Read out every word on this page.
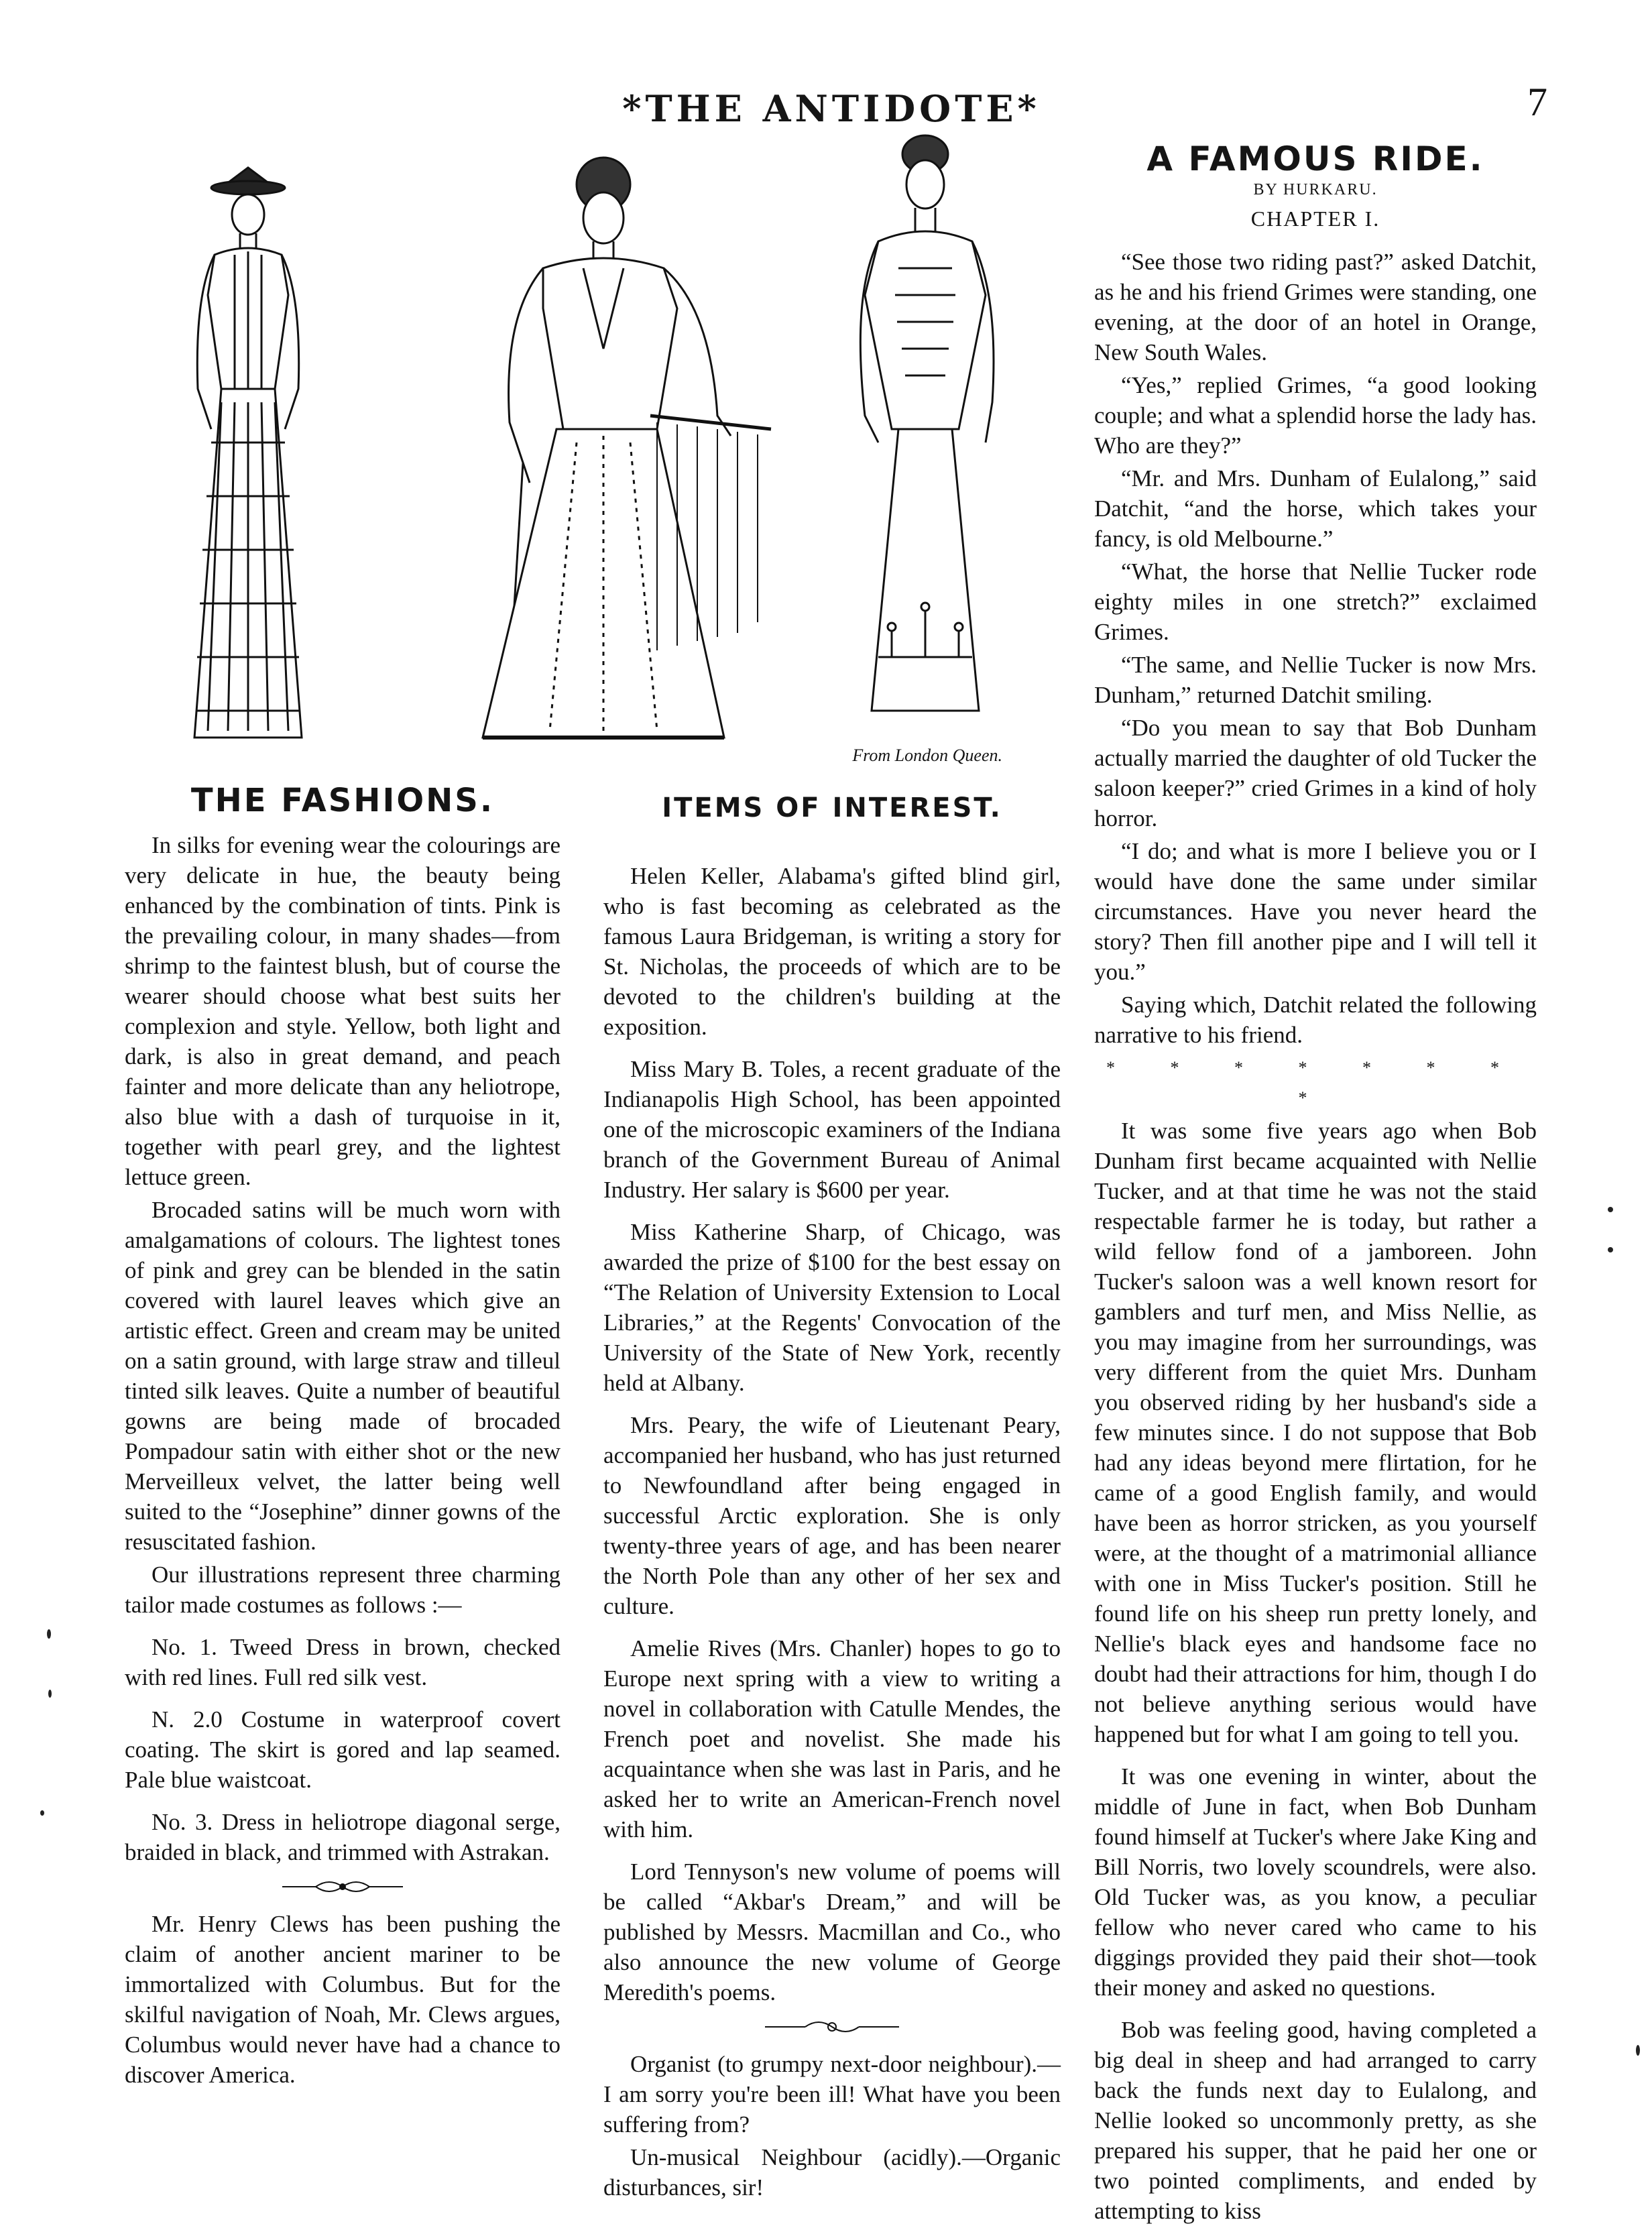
*THE ANTIDOTE*	7
From London Queen.
THE FASHIONS.

In silks for evening wear the colourings are very delicate in hue, the beauty being enhanced by the combination of tints. Pink is the prevailing colour, in many shades—from shrimp to the faintest blush, but of course the wearer should choose what best suits her complexion and style. Yellow, both light and dark, is also in great demand, and peach fainter and more delicate than any heliotrope, also blue with a dash of turquoise in it, together with pearl grey, and the lightest lettuce green.

Brocaded satins will be much worn with amalgamations of colours. The lightest tones of pink and grey can be blended in the satin covered with laurel leaves which give an artistic effect. Green and cream may be united on a satin ground, with large straw and tilleul tinted silk leaves. Quite a number of beautiful gowns are being made of brocaded Pompadour satin with either shot or the new Merveilleux velvet, the latter being well suited to the “Josephine” dinner gowns of the resuscitated fashion.

Our illustrations represent three charming tailor made costumes as follows :—

No. 1. Tweed Dress in brown, checked with red lines. Full red silk vest.

N. 2.0 Costume in waterproof covert coating. The skirt is gored and lap seamed. Pale blue waistcoat.

No. 3. Dress in heliotrope diagonal serge, braided in black, and trimmed with Astrakan.

Mr. Henry Clews has been pushing the claim of another ancient mariner to be immortalized with Columbus. But for the skilful navigation of Noah, Mr. Clews argues, Columbus would never have had a chance to discover America.

ITEMS OF INTEREST.

Helen Keller, Alabama's gifted blind girl, who is fast becoming as celebrated as the famous Laura Bridgeman, is writing a story for St. Nicholas, the proceeds of which are to be devoted to the children's building at the exposition.

Miss Mary B. Toles, a recent graduate of the Indianapolis High School, has been appointed one of the microscopic examiners of the Indiana branch of the Government Bureau of Animal Industry. Her salary is $600 per year.

Miss Katherine Sharp, of Chicago, was awarded the prize of $100 for the best essay on “The Relation of University Extension to Local Libraries,” at the Regents' Convocation of the University of the State of New York, recently held at Albany.

Mrs. Peary, the wife of Lieutenant Peary, accompanied her husband, who has just returned to Newfoundland after being engaged in successful Arctic exploration. She is only twenty-three years of age, and has been nearer the North Pole than any other of her sex and culture.

Amelie Rives (Mrs. Chanler) hopes to go to Europe next spring with a view to writing a novel in collaboration with Catulle Mendes, the French poet and novelist. She made his acquaintance when she was last in Paris, and he asked her to write an American-French novel with him.

Lord Tennyson's new volume of poems will be called “Akbar's Dream,” and will be published by Messrs. Macmillan and Co., who also announce the new volume of George Meredith's poems.

Organist (to grumpy next-door neighbour).—I am sorry you're been ill! What have you been suffering from?

Un-musical Neighbour (acidly).—Organic disturbances, sir!

A FAMOUS RIDE.
BY HURKARU.
CHAPTER I.

“See those two riding past?” asked Datchit, as he and his friend Grimes were standing, one evening, at the door of an hotel in Orange, New South Wales.

“Yes,” replied Grimes, “a good looking couple; and what a splendid horse the lady has. Who are they?”

“Mr. and Mrs. Dunham of Eulalong,” said Datchit, “and the horse, which takes your fancy, is old Melbourne.”

“What, the horse that Nellie Tucker rode eighty miles in one stretch?” exclaimed Grimes.

“The same, and Nellie Tucker is now Mrs. Dunham,” returned Datchit smiling.

“Do you mean to say that Bob Dunham actually married the daughter of old Tucker the saloon keeper?” cried Grimes in a kind of holy horror.

“I do; and what is more I believe you or I would have done the same under similar circumstances. Have you never heard the story? Then fill another pipe and I will tell it you.”

Saying which, Datchit related the following narrative to his friend.

* * * * * * * *

It was some five years ago when Bob Dunham first became acquainted with Nellie Tucker, and at that time he was not the staid respectable farmer he is today, but rather a wild fellow fond of a jamboreen. John Tucker's saloon was a well known resort for gamblers and turf men, and Miss Nellie, as you may imagine from her surroundings, was very different from the quiet Mrs. Dunham you observed riding by her husband's side a few minutes since. I do not suppose that Bob had any ideas beyond mere flirtation, for he came of a good English family, and would have been as horror stricken, as you yourself were, at the thought of a matrimonial alliance with one in Miss Tucker's position. Still he found life on his sheep run pretty lonely, and Nellie's black eyes and handsome face no doubt had their attractions for him, though I do not believe anything serious would have happened but for what I am going to tell you.

It was one evening in winter, about the middle of June in fact, when Bob Dunham found himself at Tucker's where Jake King and Bill Norris, two lovely scoundrels, were also. Old Tucker was, as you know, a peculiar fellow who never cared who came to his diggings provided they paid their shot—took their money and asked no questions.

Bob was feeling good, having completed a big deal in sheep and had arranged to carry back the funds next day to Eulalong, and Nellie looked so uncommonly pretty, as she prepared his supper, that he paid her one or two pointed compliments, and ended by attempting to kiss
